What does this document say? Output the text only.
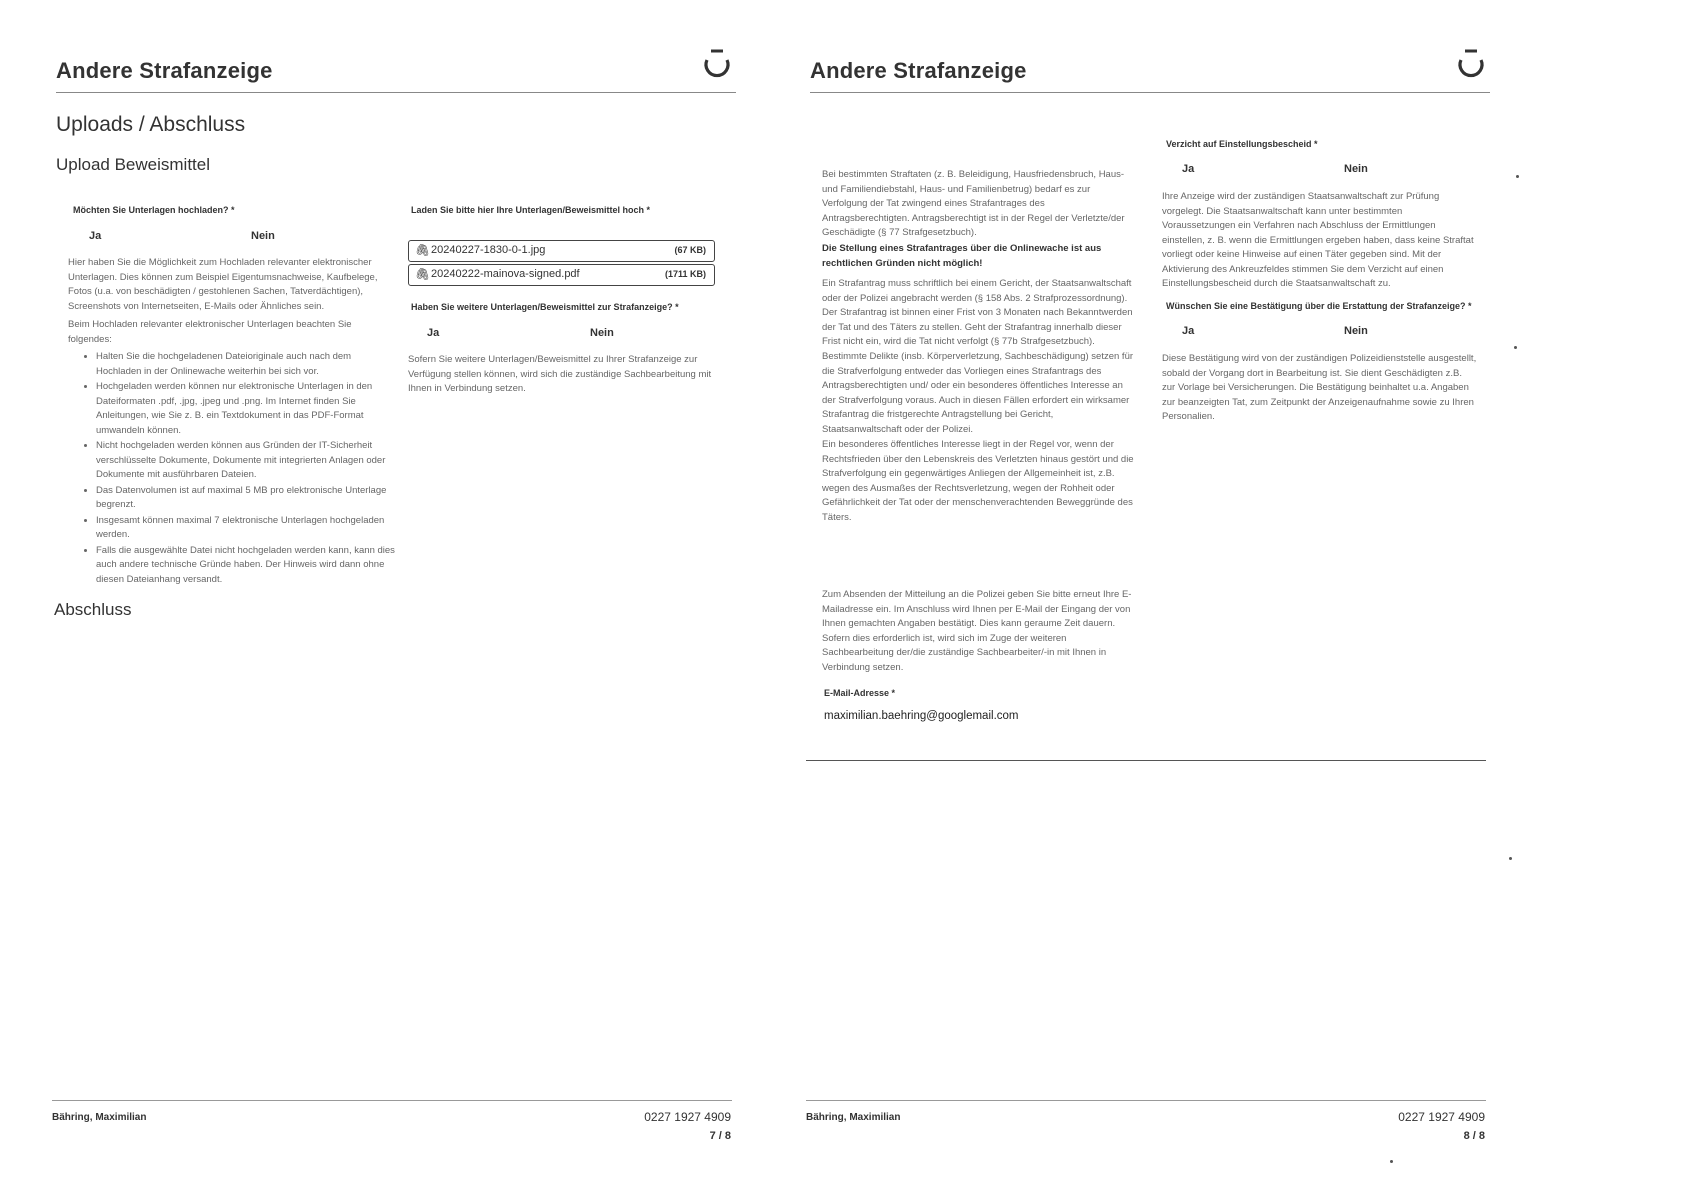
Andere Strafanzeige
Uploads / Abschluss
Upload Beweismittel
Möchten Sie Unterlagen hochladen? *
Ja	Nein
Hier haben Sie die Möglichkeit zum Hochladen relevanter elektronischer Unterlagen. Dies können zum Beispiel Eigentumsnachweise, Kaufbelege, Fotos (u.a. von beschädigten / gestohlenen Sachen, Tatverdächtigen), Screenshots von Internetseiten, E-Mails oder Ähnliches sein.
Beim Hochladen relevanter elektronischer Unterlagen beachten Sie folgendes:
• Halten Sie die hochgeladenen Dateioriginale auch nach dem Hochladen in der Onlinewache weiterhin bei sich vor.
• Hochgeladen werden können nur elektronische Unterlagen in den Dateiformaten .pdf, .jpg, .jpeg und .png. Im Internet finden Sie Anleitungen, wie Sie z. B. ein Textdokument in das PDF-Format umwandeln können.
• Nicht hochgeladen werden können aus Gründen der IT-Sicherheit verschlüsselte Dokumente, Dokumente mit integrierten Anlagen oder Dokumente mit ausführbaren Dateien.
• Das Datenvolumen ist auf maximal 5 MB pro elektronische Unterlage begrenzt.
• Insgesamt können maximal 7 elektronische Unterlagen hochgeladen werden.
• Falls die ausgewählte Datei nicht hochgeladen werden kann, kann dies auch andere technische Gründe haben. Der Hinweis wird dann ohne diesen Dateianhang versandt.
Laden Sie bitte hier Ihre Unterlagen/Beweismittel hoch *
🖇 20240227-1830-0-1.jpg	(67 KB)
🖇 20240222-mainova-signed.pdf	(1711 KB)
Haben Sie weitere Unterlagen/Beweismittel zur Strafanzeige? *
Ja	Nein
Sofern Sie weitere Unterlagen/Beweismittel zu Ihrer Strafanzeige zur Verfügung stellen können, wird sich die zuständige Sachbearbeitung mit Ihnen in Verbindung setzen.
Abschluss
Bähring, Maximilian	0227 1927 4909
7 / 8
Andere Strafanzeige
Bei bestimmten Straftaten (z. B. Beleidigung, Hausfriedensbruch, Haus- und Familiendiebstahl, Haus- und Familienbetrug) bedarf es zur Verfolgung der Tat zwingend eines Strafantrages des Antragsberechtigten. Antragsberechtigt ist in der Regel der Verletzte/der Geschädigte (§ 77 Strafgesetzbuch).
Die Stellung eines Strafantrages über die Onlinewache ist aus rechtlichen Gründen nicht möglich!
Ein Strafantrag muss schriftlich bei einem Gericht, der Staatsanwaltschaft oder der Polizei angebracht werden (§ 158 Abs. 2 Strafprozessordnung). Der Strafantrag ist binnen einer Frist von 3 Monaten nach Bekanntwerden der Tat und des Täters zu stellen. Geht der Strafantrag innerhalb dieser Frist nicht ein, wird die Tat nicht verfolgt (§ 77b Strafgesetzbuch).
Bestimmte Delikte (insb. Körperverletzung, Sachbeschädigung) setzen für die Strafverfolgung entweder das Vorliegen eines Strafantrags des Antragsberechtigten und/ oder ein besonderes öffentliches Interesse an der Strafverfolgung voraus. Auch in diesen Fällen erfordert ein wirksamer Strafantrag die fristgerechte Antragstellung bei Gericht, Staatsanwaltschaft oder der Polizei.
Ein besonderes öffentliches Interesse liegt in der Regel vor, wenn der Rechtsfrieden über den Lebenskreis des Verletzten hinaus gestört und die Strafverfolgung ein gegenwärtiges Anliegen der Allgemeinheit ist, z.B. wegen des Ausmaßes der Rechtsverletzung, wegen der Rohheit oder Gefährlichkeit der Tat oder der menschenverachtenden Beweggründe des Täters.
Zum Absenden der Mitteilung an die Polizei geben Sie bitte erneut Ihre E-Mailadresse ein. Im Anschluss wird Ihnen per E-Mail der Eingang der von Ihnen gemachten Angaben bestätigt. Dies kann geraume Zeit dauern. Sofern dies erforderlich ist, wird sich im Zuge der weiteren Sachbearbeitung der/die zuständige Sachbearbeiter/-in mit Ihnen in Verbindung setzen.
E-Mail-Adresse *
maximilian.baehring@googlemail.com
Verzicht auf Einstellungsbescheid *
Ja	Nein
Ihre Anzeige wird der zuständigen Staatsanwaltschaft zur Prüfung vorgelegt. Die Staatsanwaltschaft kann unter bestimmten Voraussetzungen ein Verfahren nach Abschluss der Ermittlungen einstellen, z. B. wenn die Ermittlungen ergeben haben, dass keine Straftat vorliegt oder keine Hinweise auf einen Täter gegeben sind. Mit der Aktivierung des Ankreuzfeldes stimmen Sie dem Verzicht auf einen Einstellungsbescheid durch die Staatsanwaltschaft zu.
Wünschen Sie eine Bestätigung über die Erstattung der Strafanzeige? *
Ja	Nein
Diese Bestätigung wird von der zuständigen Polizeidienststelle ausgestellt, sobald der Vorgang dort in Bearbeitung ist. Sie dient Geschädigten z.B. zur Vorlage bei Versicherungen. Die Bestätigung beinhaltet u.a. Angaben zur beanzeigten Tat, zum Zeitpunkt der Anzeigenaufnahme sowie zu Ihren Personalien.
Bähring, Maximilian	0227 1927 4909
8 / 8
